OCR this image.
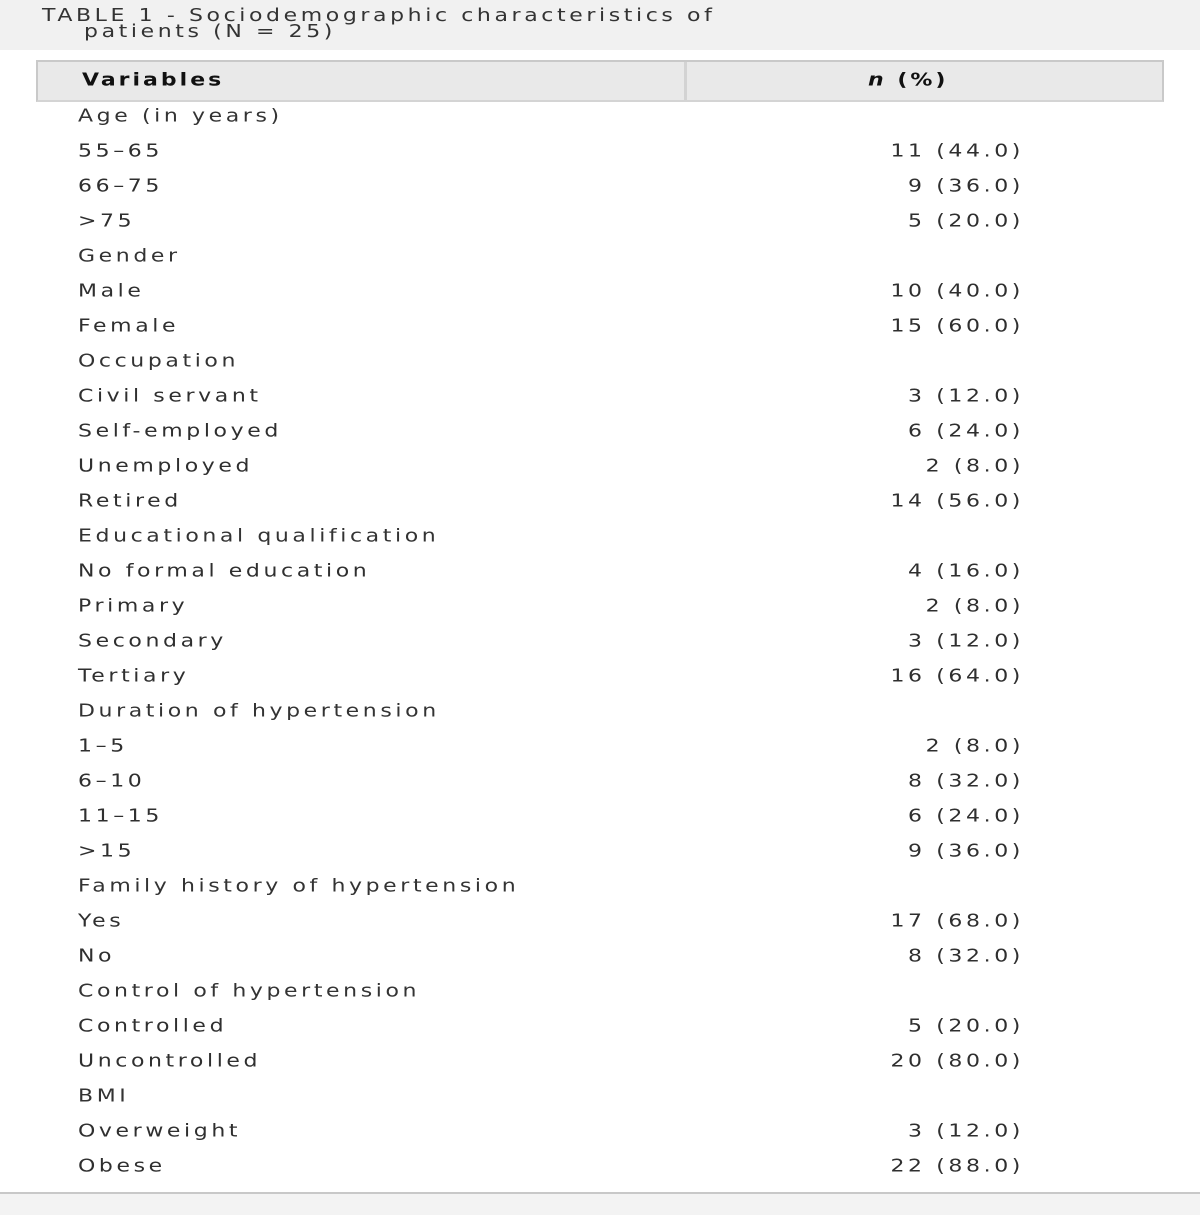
TABLE 1 - Sociodemographic characteristics of
patients (N = 25)
Variables	n (%)
Age (in years)
55–65	11 (44.0)
66–75	9 (36.0)
>75	5 (20.0)
Gender
Male	10 (40.0)
Female	15 (60.0)
Occupation
Civil servant	3 (12.0)
Self-employed	6 (24.0)
Unemployed	2 (8.0)
Retired	14 (56.0)
Educational qualification
No formal education	4 (16.0)
Primary	2 (8.0)
Secondary	3 (12.0)
Tertiary	16 (64.0)
Duration of hypertension
1–5	2 (8.0)
6–10	8 (32.0)
11–15	6 (24.0)
>15	9 (36.0)
Family history of hypertension
Yes	17 (68.0)
No	8 (32.0)
Control of hypertension
Controlled	5 (20.0)
Uncontrolled	20 (80.0)
BMI
Overweight	3 (12.0)
Obese	22 (88.0)
